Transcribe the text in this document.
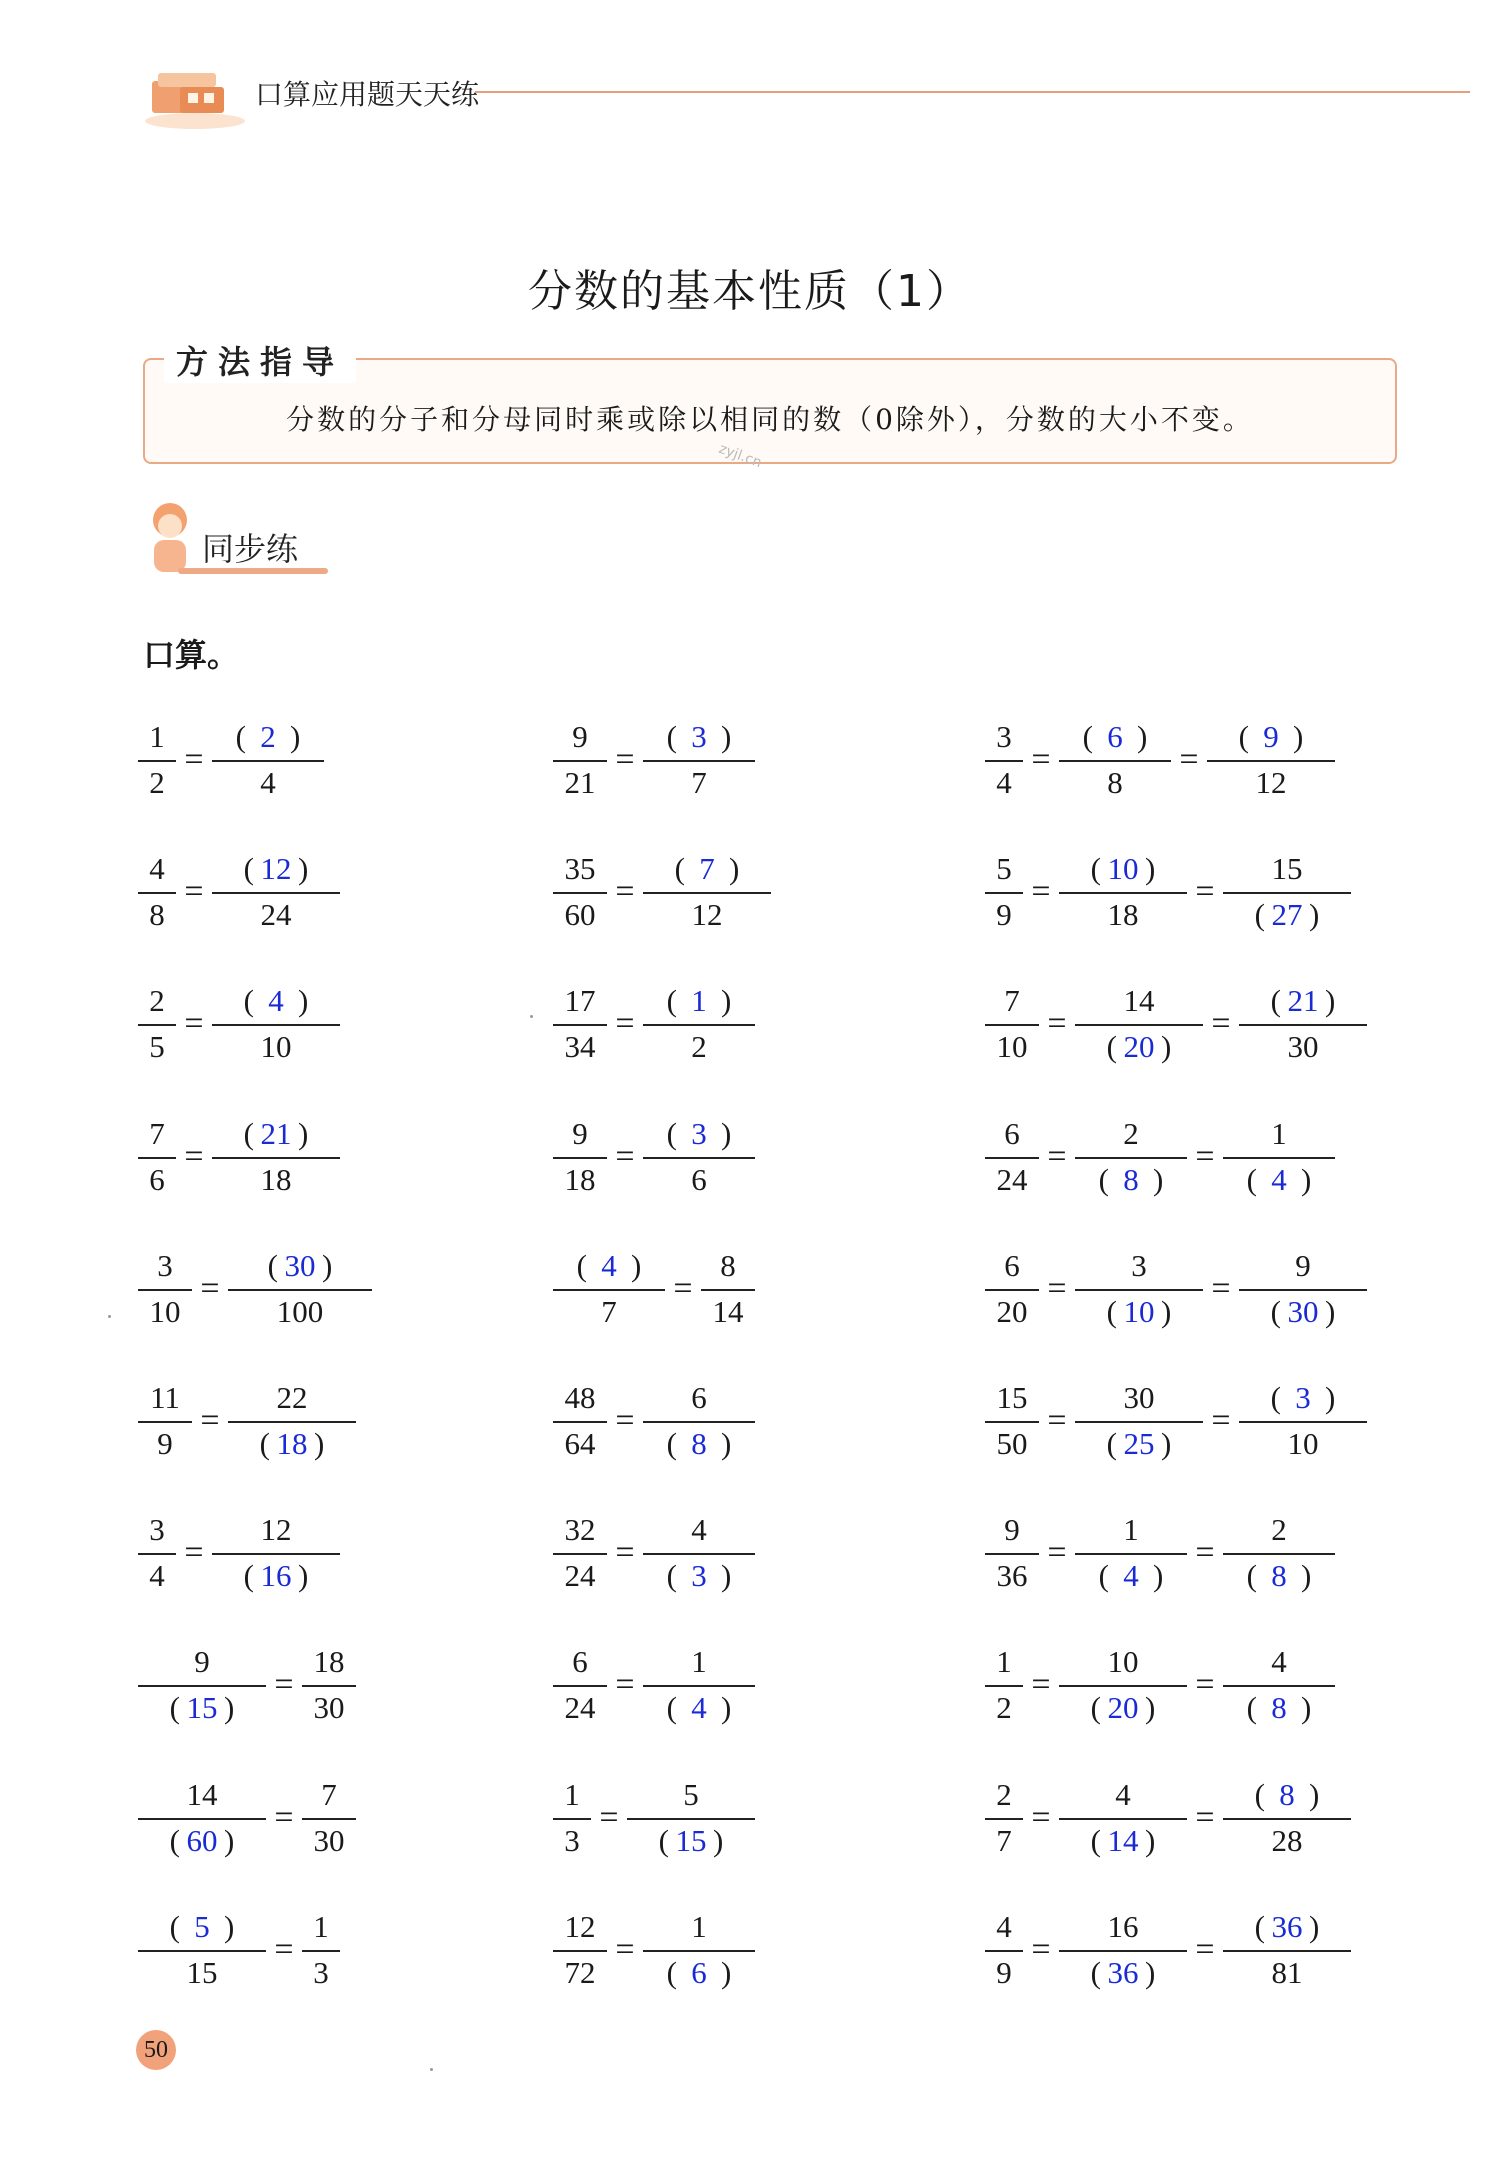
口算应用题天天练
分数的基本性质（1）
分数的分子和分母同时乘或除以相同的数（0除外），分数的大小不变。
方法指导
zyjl.cn
同步练
口算。
$\frac{1}{2} = \frac{( 2 )}{4}$
$\frac{4}{8} = \frac{( 12 )}{24}$
$\frac{2}{5} = \frac{( 4 )}{10}$
$\frac{7}{6} = \frac{( 21 )}{18}$
$\frac{3}{10} = \frac{( 30 )}{100}$
$\frac{11}{9} = \frac{22}{( 18 )}$
$\frac{3}{4} = \frac{12}{( 16 )}$
$\frac{9}{( 15 )} = \frac{18}{30}$
$\frac{14}{( 60 )} = \frac{7}{30}$
$\frac{( 5 )}{15} = \frac{1}{3}$
$\frac{9}{21} = \frac{( 3 )}{7}$
$\frac{35}{60} = \frac{( 7 )}{12}$
$\frac{17}{34} = \frac{( 1 )}{2}$
$\frac{9}{18} = \frac{( 3 )}{6}$
$\frac{( 4 )}{7} = \frac{8}{14}$
$\frac{48}{64} = \frac{6}{( 8 )}$
$\frac{32}{24} = \frac{4}{( 3 )}$
$\frac{6}{24} = \frac{1}{( 4 )}$
$\frac{1}{3} = \frac{5}{( 15 )}$
$\frac{12}{72} = \frac{1}{( 6 )}$
$\frac{3}{4} = \frac{( 6 )}{8} = \frac{( 9 )}{12}$
$\frac{5}{9} = \frac{( 10 )}{18} = \frac{15}{( 27 )}$
$\frac{7}{10} = \frac{14}{( 20 )} = \frac{( 21 )}{30}$
$\frac{6}{24} = \frac{2}{( 8 )} = \frac{1}{( 4 )}$
$\frac{6}{20} = \frac{3}{( 10 )} = \frac{9}{( 30 )}$
$\frac{15}{50} = \frac{30}{( 25 )} = \frac{( 3 )}{10}$
$\frac{9}{36} = \frac{1}{( 4 )} = \frac{2}{( 8 )}$
$\frac{1}{2} = \frac{10}{( 20 )} = \frac{4}{( 8 )}$
$\frac{2}{7} = \frac{4}{( 14 )} = \frac{( 8 )}{28}$
$\frac{4}{9} = \frac{16}{( 36 )} = \frac{( 36 )}{81}$
50
